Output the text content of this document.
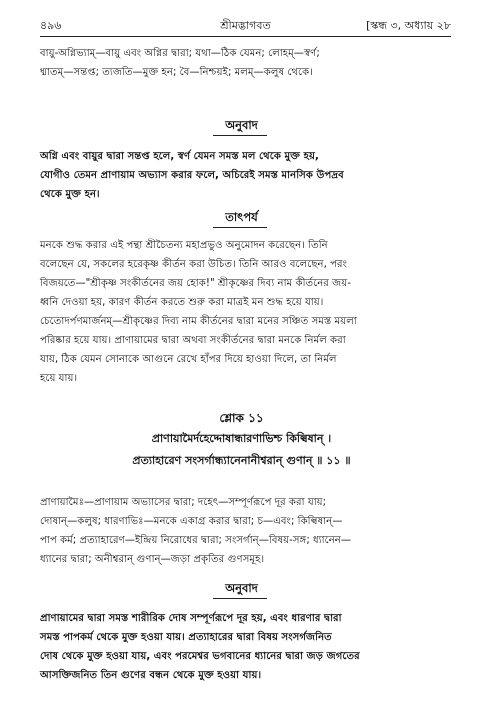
৪৯৬	শ্রীমদ্ভাগবত	[স্কন্ধ ৩, অধ্যায় ২৮
বায়ু-অগ্নিভ্যাম্—বায়ু এবং অগ্নির দ্বারা; যথা—ঠিক যেমন; লোহম্—স্বর্ণ;
ধ্মাতম্—সন্তপ্ত; ত্যজতি—মুক্ত হন; বৈ—নিশ্চয়ই; মলম্—কলুষ থেকে।
অনুবাদ
অগ্নি এবং বায়ুর দ্বারা সন্তপ্ত হলে, স্বর্ণ যেমন সমস্ত মল থেকে মুক্ত হয়,
যোগীও তেমন প্রাণায়াম অভ্যাস করার ফলে, অচিরেই সমস্ত মানসিক উপদ্রব
থেকে মুক্ত হন।
তাৎপর্য
মনকে শুদ্ধ করার এই পন্থা শ্রীচৈতন্য মহাপ্রভুও অনুমোদন করেছেন। তিনি
বলেছেন যে, সকলের হরেকৃষ্ণ কীর্তন করা উচিত। তিনি আরও বলেছেন, পরং
বিজয়তে—"শ্রীকৃষ্ণ সংকীর্তনের জয় হোক!" শ্রীকৃষ্ণের দিব্য নাম কীর্তনের জয়-
ধ্বনি দেওয়া হয়, কারণ কীর্তন করতে শুরু করা মাত্রই মন শুদ্ধ হয়ে যায়।
চেতোদর্পণমার্জনম্—শ্রীকৃষ্ণের দিব্য নাম কীর্তনের দ্বারা মনের সঞ্চিত সমস্ত ময়লা
পরিষ্কার হয়ে যায়। প্রাণায়ামের দ্বারা অথবা সংকীর্তনের দ্বারা মনকে নির্মল করা
যায়, ঠিক যেমন সোনাকে আগুনে রেখে হাঁপর দিয়ে হাওয়া দিলে, তা নির্মল
হয়ে যায়।
শ্লোক ১১
প্রাণায়ামৈর্দহেদ্দোষান্ধারণাভিশ্চ কিল্বিষান্ ।
প্রত্যাহারেণ সংসর্গান্ধ্যানেনানীশ্বরান্ গুণান্ ॥ ১১ ॥
প্রাণায়ামৈঃ—প্রাণায়াম অভ্যাসের দ্বারা; দহেৎ—সম্পূর্ণরূপে দূর করা যায়;
দোষান্—কলুষ; ধারণাভিঃ—মনকে একাগ্র করার দ্বারা; চ—এবং; কিল্বিষান্—
পাপ কর্ম; প্রত্যাহারেণ—ইন্দ্রিয় নিরোধের দ্বারা; সংসর্গান্—বিষয়-সঙ্গ; ধ্যানেন—
ধ্যানের দ্বারা; অনীশ্বরান্ গুণান্—জড়া প্রকৃতির গুণসমূহ।
অনুবাদ
প্রাণায়ামের দ্বারা সমস্ত শারীরিক দোষ সম্পূর্ণরূপে দূর হয়, এবং ধারণার দ্বারা
সমস্ত পাপকর্ম থেকে মুক্ত হওয়া যায়। প্রত্যাহারের দ্বারা বিষয় সংসর্গজনিত
দোষ থেকে মুক্ত হওয়া যায়, এবং পরমেশ্বর ভগবানের ধ্যানের দ্বারা জড় জগতের
আসক্তিজনিত তিন গুণের বন্ধন থেকে মুক্ত হওয়া যায়।
